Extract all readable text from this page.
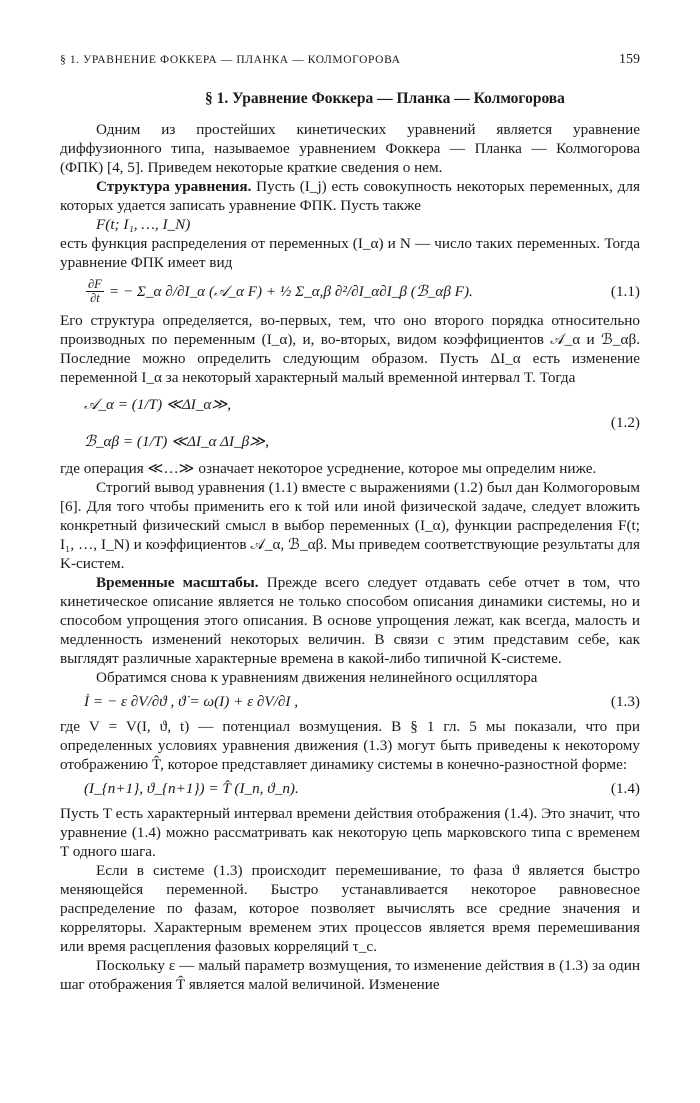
§ 1. УРАВНЕНИЕ ФОККЕРА — ПЛАНКА — КОЛМОГОРОВА	159
§ 1. Уравнение Фоккера — Планка — Колмогорова

Одним из простейших кинетических уравнений является уравнение диффузионного типа, называемое уравнением Фоккера — Планка — Колмогорова (ФПК) [4, 5]. Приведем некоторые краткие сведения о нем.

Структура уравнения. Пусть (I_j) есть совокупность некоторых переменных, для которых удается записать уравнение ФПК. Пусть также

F(t; I₁, …, I_N)

есть функция распределения от переменных (I_α) и N — число таких переменных. Тогда уравнение ФПК имеет вид

$\frac{\partial F}{\partial t}$ = − Σ_α ∂/∂I_α (𝒜_α F) + ½ Σ_α,β ∂²/∂I_α∂I_β (ℬ_αβ F).	(1.1)

Его структура определяется, во-первых, тем, что оно второго порядка относительно производных по переменным (I_α), и, во-вторых, видом коэффициентов 𝒜_α и ℬ_αβ. Последние можно определить следующим образом. Пусть ΔI_α есть изменение переменной I_α за некоторый характерный малый временной интервал T. Тогда

𝒜_α = (1/T) ≪ΔI_α≫,
ℬ_αβ = (1/T) ≪ΔI_α ΔI_β≫,
(1.2)

где операция ≪…≫ означает некоторое усреднение, которое мы определим ниже.

Строгий вывод уравнения (1.1) вместе с выражениями (1.2) был дан Колмогоровым [6]. Для того чтобы применить его к той или иной физической задаче, следует вложить конкретный физический смысл в выбор переменных (I_α), функции распределения F(t; I₁, …, I_N) и коэффициентов 𝒜_α, ℬ_αβ. Мы приведем соответствующие результаты для K-систем.

Временные масштабы. Прежде всего следует отдавать себе отчет в том, что кинетическое описание является не только способом описания динамики системы, но и способом упрощения этого описания. В основе упрощения лежат, как всегда, малость и медленность изменений некоторых величин. В связи с этим представим себе, как выглядят различные характерные времена в какой-либо типичной K-системе.

Обратимся снова к уравнениям движения нелинейного осциллятора

İ = − ε ∂V/∂ϑ , ϑ̇ = ω(I) + ε ∂V/∂I ,	(1.3)

где V = V(I, ϑ, t) — потенциал возмущения. В § 1 гл. 5 мы показали, что при определенных условиях уравнения движения (1.3) могут быть приведены к некоторому отображению T̂, которое представляет динамику системы в конечно-разностной форме:

(I_{n+1}, ϑ_{n+1}) = T̂ (I_n, ϑ_n).	(1.4)

Пусть T есть характерный интервал времени действия отображения (1.4). Это значит, что уравнение (1.4) можно рассматривать как некоторую цепь марковского типа с временем T одного шага.

Если в системе (1.3) происходит перемешивание, то фаза ϑ является быстро меняющейся переменной. Быстро устанавливается некоторое равновесное распределение по фазам, которое позволяет вычислять все средние значения и корреляторы. Характерным временем этих процессов является время перемешивания или время расцепления фазовых корреляций τ_c.

Поскольку ε — малый параметр возмущения, то изменение действия в (1.3) за один шаг отображения T̂ является малой величиной. Изменение
